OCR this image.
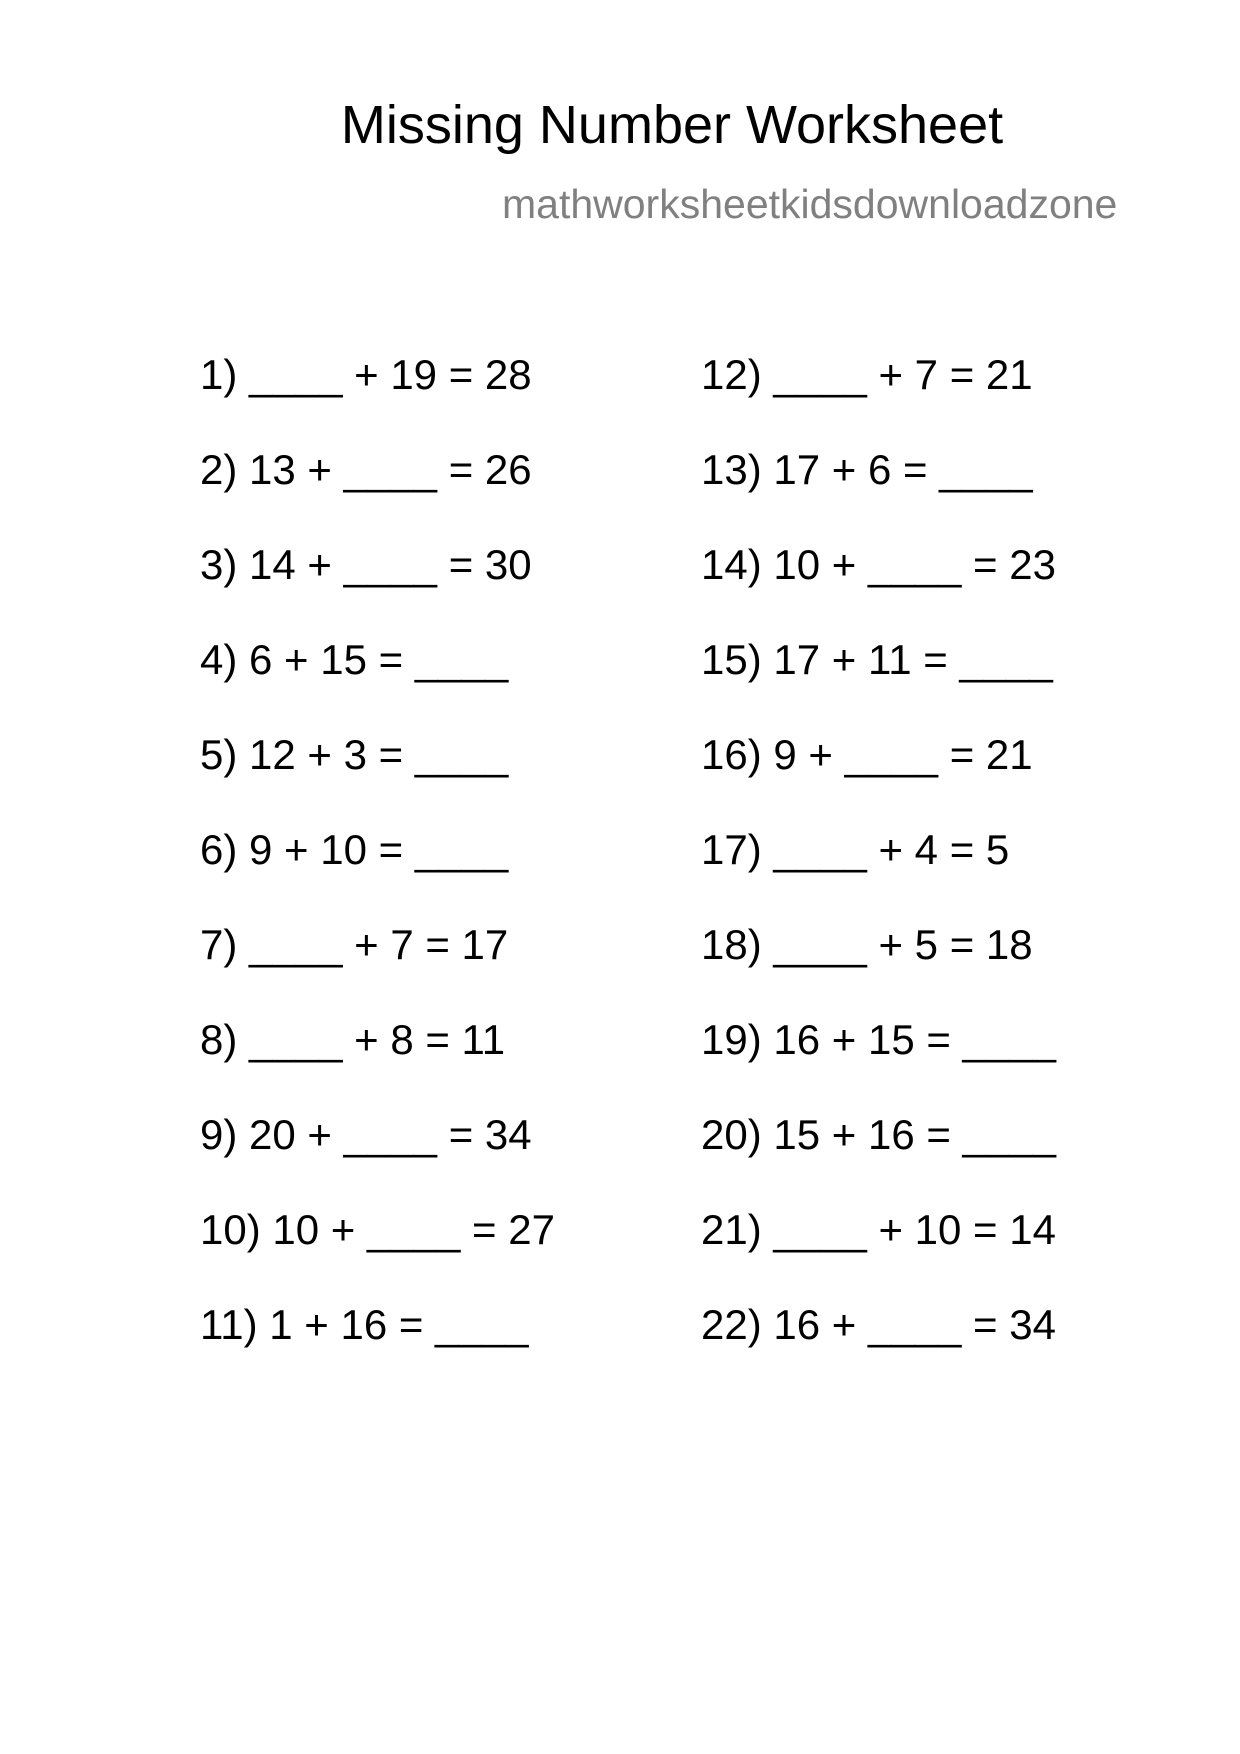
Missing Number Worksheet
mathworksheetkidsdownloadzone
1) ____ + 19 = 28
2) 13 + ____ = 26
3) 14 + ____ = 30
4) 6 + 15 = ____
5) 12 + 3 = ____
6) 9 + 10 = ____
7) ____ + 7 = 17
8) ____ + 8 = 11
9) 20 + ____ = 34
10) 10 + ____ = 27
11) 1 + 16 = ____
12) ____ + 7 = 21
13) 17 + 6 = ____
14) 10 + ____ = 23
15) 17 + 11 = ____
16) 9 + ____ = 21
17) ____ + 4 = 5
18) ____ + 5 = 18
19) 16 + 15 = ____
20) 15 + 16 = ____
21) ____ + 10 = 14
22) 16 + ____ = 34
